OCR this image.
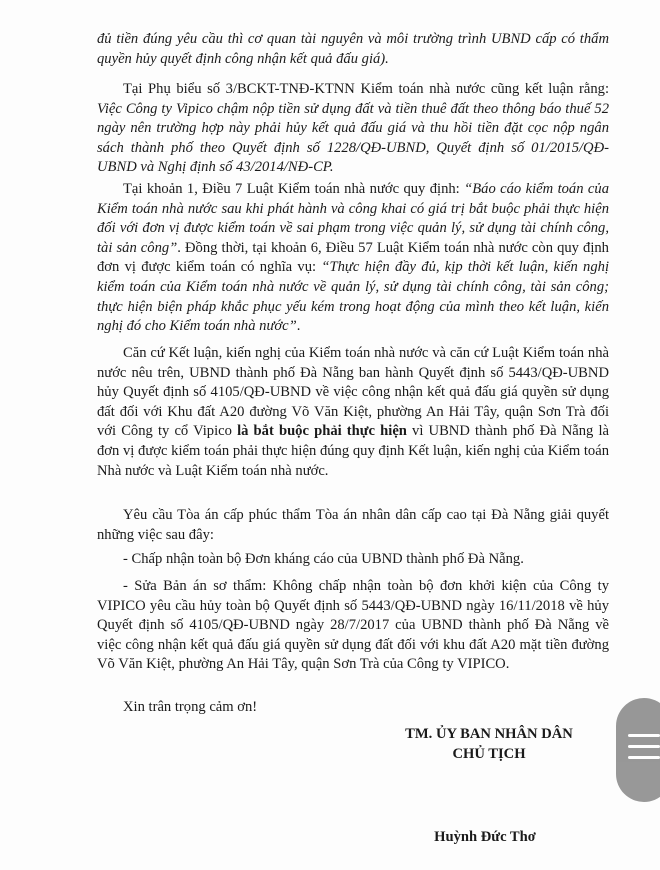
đủ tiền đúng yêu cầu thì cơ quan tài nguyên và môi trường trình UBND cấp có thẩm quyền hủy quyết định công nhận kết quả đấu giá).

Tại Phụ biểu số 3/BCKT-TNĐ-KTNN Kiểm toán nhà nước cũng kết luận rằng: Việc Công ty Vipico chậm nộp tiền sử dụng đất và tiền thuê đất theo thông báo thuế 52 ngày nên trường hợp này phải hủy kết quả đấu giá và thu hồi tiền đặt cọc nộp ngân sách thành phố theo Quyết định số 1228/QĐ-UBND, Quyết định số 01/2015/QĐ-UBND và Nghị định số 43/2014/NĐ-CP.

Tại khoản 1, Điều 7 Luật Kiểm toán nhà nước quy định: “Báo cáo kiểm toán của Kiểm toán nhà nước sau khi phát hành và công khai có giá trị bắt buộc phải thực hiện đối với đơn vị được kiểm toán về sai phạm trong việc quản lý, sử dụng tài chính công, tài sản công”. Đồng thời, tại khoản 6, Điều 57 Luật Kiểm toán nhà nước còn quy định đơn vị được kiểm toán có nghĩa vụ: “Thực hiện đầy đủ, kịp thời kết luận, kiến nghị kiểm toán của Kiểm toán nhà nước về quản lý, sử dụng tài chính công, tài sản công; thực hiện biện pháp khắc phục yếu kém trong hoạt động của mình theo kết luận, kiến nghị đó cho Kiểm toán nhà nước”.

Căn cứ Kết luận, kiến nghị của Kiểm toán nhà nước và căn cứ Luật Kiểm toán nhà nước nêu trên, UBND thành phố Đà Nẵng ban hành Quyết định số 5443/QĐ-UBND hủy Quyết định số 4105/QĐ-UBND về việc công nhận kết quả đấu giá quyền sử dụng đất đối với Khu đất A20 đường Võ Văn Kiệt, phường An Hải Tây, quận Sơn Trà đối với Công ty cổ Vipico là bắt buộc phải thực hiện vì UBND thành phố Đà Nẵng là đơn vị được kiểm toán phải thực hiện đúng quy định Kết luận, kiến nghị của Kiểm toán Nhà nước và Luật Kiểm toán nhà nước.

Yêu cầu Tòa án cấp phúc thẩm Tòa án nhân dân cấp cao tại Đà Nẵng giải quyết những việc sau đây:

- Chấp nhận toàn bộ Đơn kháng cáo của UBND thành phố Đà Nẵng.

- Sửa Bản án sơ thẩm: Không chấp nhận toàn bộ đơn khởi kiện của Công ty VIPICO yêu cầu hủy toàn bộ Quyết định số 5443/QĐ-UBND ngày 16/11/2018 về hủy Quyết định số 4105/QĐ-UBND ngày 28/7/2017 của UBND thành phố Đà Nẵng về việc công nhận kết quả đấu giá quyền sử dụng đất đối với khu đất A20 mặt tiền đường Võ Văn Kiệt, phường An Hải Tây, quận Sơn Trà của Công ty VIPICO.

Xin trân trọng cảm ơn!

TM. ỦY BAN NHÂN DÂN
CHỦ TỊCH
Huỳnh Đức Thơ
